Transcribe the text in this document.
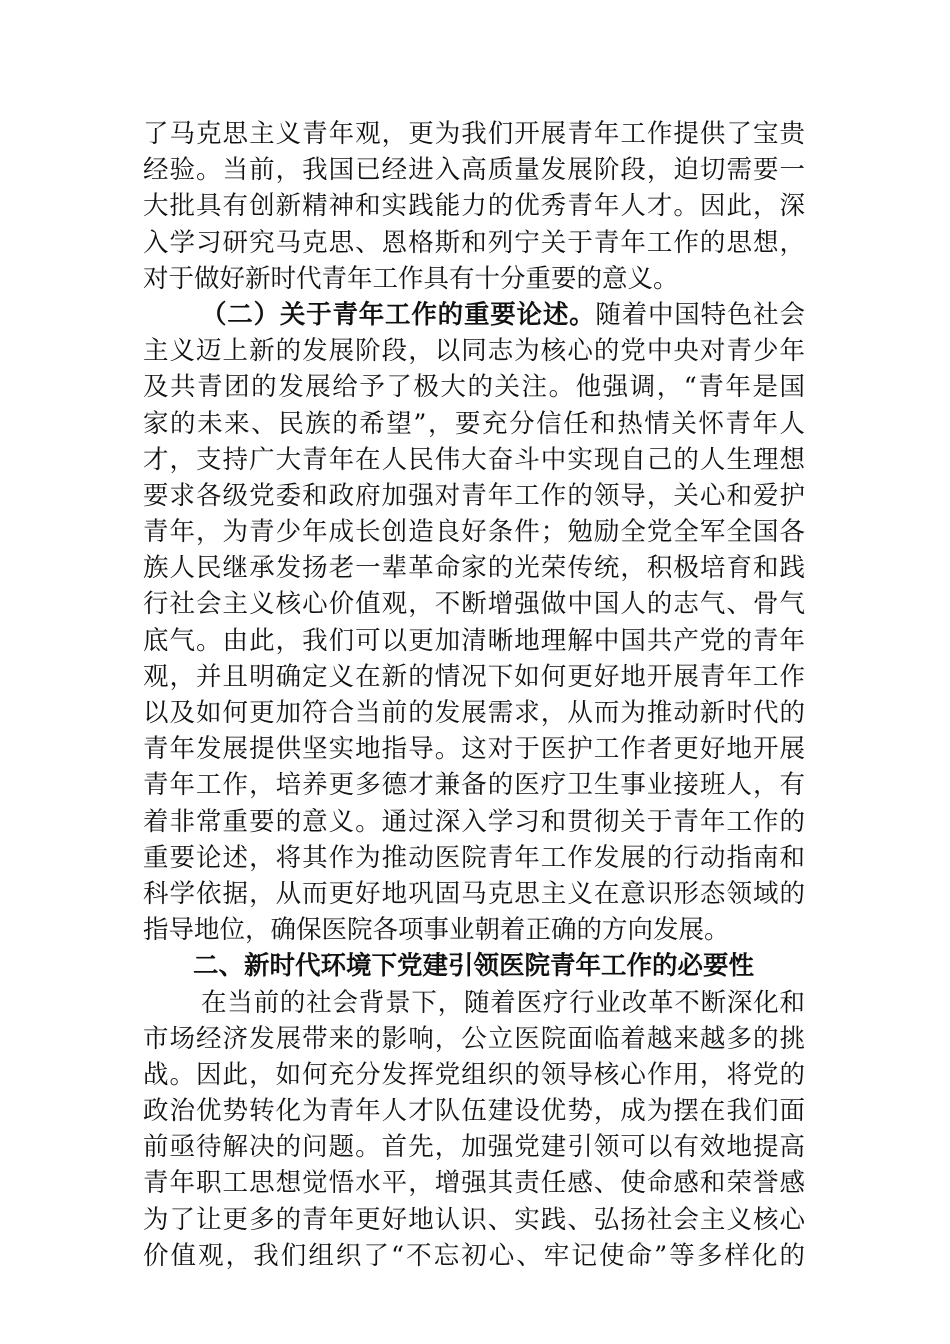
了马克思主义青年观，更为我们开展青年工作提供了宝贵
经验。当前，我国已经进入高质量发展阶段，迫切需要一
大批具有创新精神和实践能力的优秀青年人才。因此，深
入学习研究马克思、恩格斯和列宁关于青年工作的思想，
对于做好新时代青年工作具有十分重要的意义。
（二）关于青年工作的重要论述。随着中国特色社会
主义迈上新的发展阶段，以同志为核心的党中央对青少年
及共青团的发展给予了极大的关注。他强调，“青年是国
家的未来、民族的希望”，要充分信任和热情关怀青年人
才，支持广大青年在人民伟大奋斗中实现自己的人生理想
要求各级党委和政府加强对青年工作的领导，关心和爱护
青年，为青少年成长创造良好条件；勉励全党全军全国各
族人民继承发扬老一辈革命家的光荣传统，积极培育和践
行社会主义核心价值观，不断增强做中国人的志气、骨气
底气。由此，我们可以更加清晰地理解中国共产党的青年
观，并且明确定义在新的情况下如何更好地开展青年工作
以及如何更加符合当前的发展需求，从而为推动新时代的
青年发展提供坚实地指导。这对于医护工作者更好地开展
青年工作，培养更多德才兼备的医疗卫生事业接班人，有
着非常重要的意义。通过深入学习和贯彻关于青年工作的
重要论述，将其作为推动医院青年工作发展的行动指南和
科学依据，从而更好地巩固马克思主义在意识形态领域的
指导地位，确保医院各项事业朝着正确的方向发展。
二、新时代环境下党建引领医院青年工作的必要性
在当前的社会背景下，随着医疗行业改革不断深化和
市场经济发展带来的影响，公立医院面临着越来越多的挑
战。因此，如何充分发挥党组织的领导核心作用，将党的
政治优势转化为青年人才队伍建设优势，成为摆在我们面
前亟待解决的问题。首先，加强党建引领可以有效地提高
青年职工思想觉悟水平，增强其责任感、使命感和荣誉感
为了让更多的青年更好地认识、实践、弘扬社会主义核心
价值观，我们组织了“不忘初心、牢记使命”等多样化的
